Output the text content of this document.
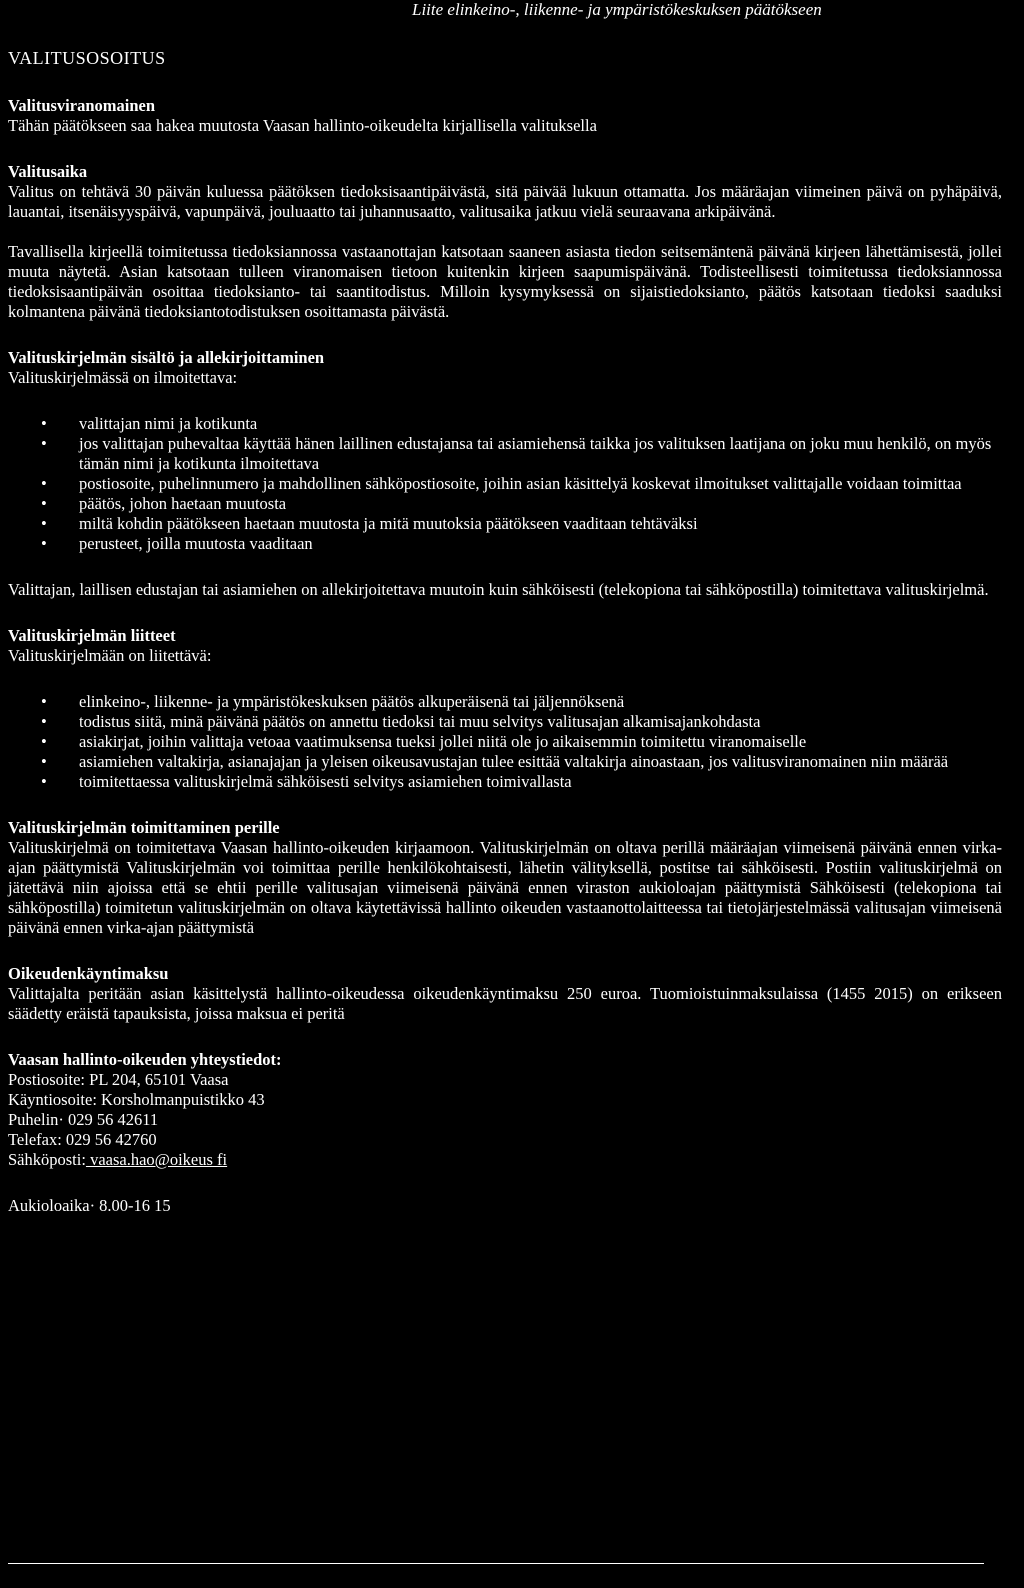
Liite elinkeino-, liikenne- ja ympäristökeskuksen päätökseen
VALITUSOSOITUS

Valitusviranomainen

Tähän päätökseen saa hakea muutosta Vaasan hallinto-oikeudelta kirjallisella valituksella

Valitusaika

Valitus on tehtävä 30 päivän kuluessa päätöksen tiedoksisaantipäivästä, sitä päivää lukuun ottamatta. Jos määräajan viimeinen päivä on pyhäpäivä, lauantai, itsenäisyyspäivä, vapunpäivä, jouluaatto tai juhannusaatto, valitusaika jatkuu vielä seuraavana arkipäivänä.

Tavallisella kirjeellä toimitetussa tiedoksiannossa vastaanottajan katsotaan saaneen asiasta tiedon seitsemäntenä päivänä kirjeen lähettämisestä, jollei muuta näytetä. Asian katsotaan tulleen viranomaisen tietoon kuitenkin kirjeen saapumispäivänä. Todisteellisesti toimitetussa tiedoksiannossa tiedoksisaantipäivän osoittaa tiedoksianto- tai saantitodistus. Milloin kysymyksessä on sijaistiedoksianto, päätös katsotaan tiedoksi saaduksi kolmantena päivänä tiedoksiantotodistuksen osoittamasta päivästä.

Valituskirjelmän sisältö ja allekirjoittaminen

Valituskirjelmässä on ilmoitettava:

• valittajan nimi ja kotikunta
• jos valittajan puhevaltaa käyttää hänen laillinen edustajansa tai asiamiehensä taikka jos valituksen laatijana on joku muu henkilö, on myös tämän nimi ja kotikunta ilmoitettava
• postiosoite, puhelinnumero ja mahdollinen sähköpostiosoite, joihin asian käsittelyä koskevat ilmoitukset valittajalle voidaan toimittaa
• päätös, johon haetaan muutosta
• miltä kohdin päätökseen haetaan muutosta ja mitä muutoksia päätökseen vaaditaan tehtäväksi
• perusteet, joilla muutosta vaaditaan

Valittajan, laillisen edustajan tai asiamiehen on allekirjoitettava muutoin kuin sähköisesti (telekopiona tai sähköpostilla) toimitettava valituskirjelmä.

Valituskirjelmän liitteet

Valituskirjelmään on liitettävä:

• elinkeino-, liikenne- ja ympäristökeskuksen päätös alkuperäisenä tai jäljennöksenä
• todistus siitä, minä päivänä päätös on annettu tiedoksi tai muu selvitys valitusajan alkamisajankohdasta
• asiakirjat, joihin valittaja vetoaa vaatimuksensa tueksi jollei niitä ole jo aikaisemmin toimitettu viranomaiselle
• asiamiehen valtakirja, asianajajan ja yleisen oikeusavustajan tulee esittää valtakirja ainoastaan, jos valitusviranomainen niin määrää
• toimitettaessa valituskirjelmä sähköisesti selvitys asiamiehen toimivallasta

Valituskirjelmän toimittaminen perille

Valituskirjelmä on toimitettava Vaasan hallinto-oikeuden kirjaamoon. Valituskirjelmän on oltava perillä määräajan viimeisenä päivänä ennen virka-ajan päättymistä Valituskirjelmän voi toimittaa perille henkilökohtaisesti, lähetin välityksellä, postitse tai sähköisesti. Postiin valituskirjelmä on jätettävä niin ajoissa että se ehtii perille valitusajan viimeisenä päivänä ennen viraston aukioloajan päättymistä Sähköisesti (telekopiona tai sähköpostilla) toimitetun valituskirjelmän on oltava käytettävissä hallinto oikeuden vastaanottolaitteessa tai tietojärjestelmässä valitusajan viimeisenä päivänä ennen virka-ajan päättymistä

Oikeudenkäyntimaksu

Valittajalta peritään asian käsittelystä hallinto-oikeudessa oikeudenkäyntimaksu 250 euroa. Tuomioistuinmaksulaissa (1455 2015) on erikseen säädetty eräistä tapauksista, joissa maksua ei peritä

Vaasan hallinto-oikeuden yhteystiedot:

Postiosoite: PL 204, 65101 Vaasa

Käyntiosoite: Korsholmanpuistikko 43

Puhelin· 029 56 42611

Telefax: 029 56 42760

Sähköposti: vaasa.hao@oikeus fi

Aukioloaika· 8.00-16 15
